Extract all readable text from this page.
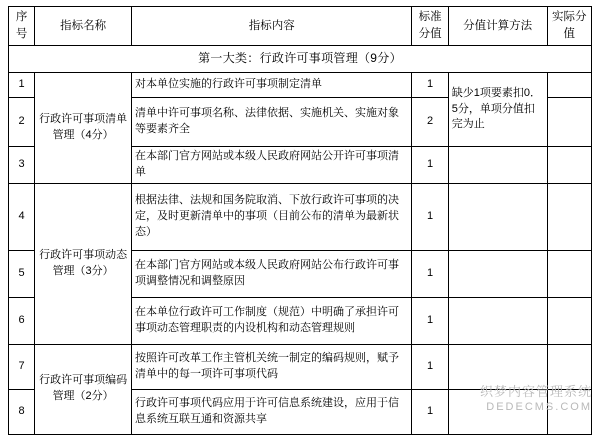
序号	指标名称	指标内容	标准分值	分值计算方法	实际分值
第一大类：行政许可事项管理（9分）					
1	行政许可事项清单管理（4分）	对本单位实施的行政许可事项制定清单	1	缺少1项要素扣0．5分，单项分值扣完为止	
2		清单中许可事项名称、法律依据、实施机关、实施对象等要素齐全	2		
3		在本部门官方网站或本级人民政府网站公开许可事项清单	1		
4	行政许可事项动态管理（3分）	根据法律、法规和国务院取消、下放行政许可事项的决定，及时更新清单中的事项（目前公布的清单为最新状态）	1		
5		在本部门官方网站或本级人民政府网站公布行政许可事项调整情况和调整原因	1		
6		在本单位行政许可工作制度（规范）中明确了承担许可事项动态管理职责的内设机构和动态管理规则	1		
7	行政许可事项编码管理（2分）	按照许可改革工作主管机关统一制定的编码规则，赋予清单中的每一项许可事项代码	1		
8		行政许可事项代码应用于许可信息系统建设，应用于信息系统互联互通和资源共享	1		
织梦内容管理系统
DEDECMS.COM
